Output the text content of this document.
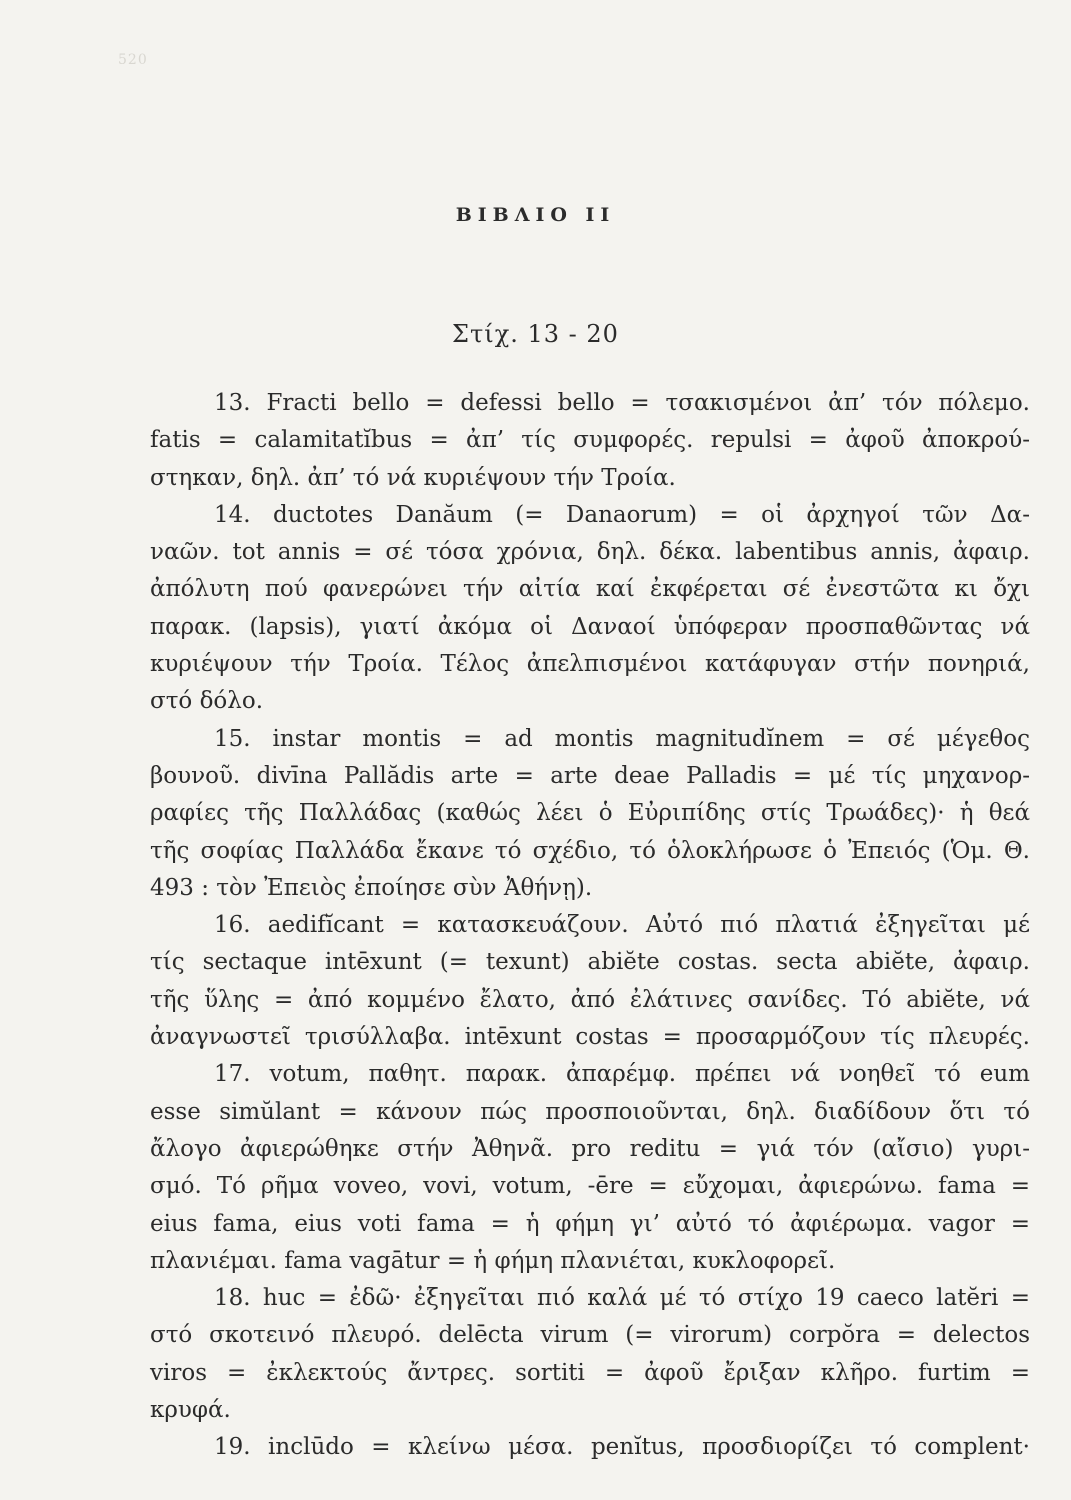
520
ΒΙΒΛΙΟ ΙΙ
Στίχ. 13 - 20
13. Fracti bello = defessi bello = τσακισμένοι ἀπ’ τόν πόλεμο.
fatis = calamitatĭbus = ἀπ’ τίς συμφορές. repulsi = ἀφοῦ ἀποκρού-
στηκαν, δηλ. ἀπ’ τό νά κυριέψουν τήν Τροία.
14. ductotes Danăum (= Danaorum) = οἱ ἀρχηγοί τῶν Δα-
ναῶν. tot annis = σέ τόσα χρόνια, δηλ. δέκα. labentibus annis, ἀφαιρ.
ἀπόλυτη πού φανερώνει τήν αἰτία καί ἐκφέρεται σέ ἐνεστῶτα κι ὄχι
παρακ. (lapsis), γιατί ἀκόμα οἱ Δαναοί ὑπόφεραν προσπαθῶντας νά
κυριέψουν τήν Τροία. Τέλος ἀπελπισμένοι κατάφυγαν στήν πονηριά,
στό δόλο.
15. instar montis = ad montis magnitudĭnem = σέ μέγεθος
βουνοῦ. divīna Pallădis arte = arte deae Palladis = μέ τίς μηχανορ-
ραφίες τῆς Παλλάδας (καθώς λέει ὁ Εὐριπίδης στίς Τρωάδες)· ἡ θεά
τῆς σοφίας Παλλάδα ἔκανε τό σχέδιο, τό ὁλοκλήρωσε ὁ Ἐπειός (Ὁμ. Θ.
493 : τὸν Ἐπειὸς ἐποίησε σὺν Ἀθήνῃ).
16. aedifĭcant = κατασκευάζουν. Αὐτό πιό πλατιά ἐξηγεῖται μέ
τίς sectaque intēxunt (= texunt) abiĕte costas. secta abiĕte, ἀφαιρ.
τῆς ὕλης = ἀπό κομμένο ἔλατο, ἀπό ἐλάτινες σανίδες. Τό abiĕte, νά
ἀναγνωστεῖ τρισύλλαβα. intēxunt costas = προσαρμόζουν τίς πλευρές.
17. votum, παθητ. παρακ. ἀπαρέμφ. πρέπει νά νοηθεῖ τό eum
esse simŭlant = κάνουν πώς προσποιοῦνται, δηλ. διαδίδουν ὅτι τό
ἄλογο ἀφιερώθηκε στήν Ἀθηνᾶ. pro reditu = γιά τόν (αἴσιο) γυρι-
σμό. Τό ρῆμα voveo, vovi, votum, -ēre = εὔχομαι, ἀφιερώνω. fama =
eius fama, eius voti fama = ἡ φήμη γι’ αὐτό τό ἀφιέρωμα. vagor =
πλανιέμαι. fama vagātur = ἡ φήμη πλανιέται, κυκλοφορεῖ.
18. huc = ἐδῶ· ἐξηγεῖται πιό καλά μέ τό στίχο 19 caeco latĕri =
στό σκοτεινό πλευρό. delēcta virum (= virorum) corpŏra = delectos
viros = ἐκλεκτούς ἄντρες. sortiti = ἀφοῦ ἔριξαν κλῆρο. furtim =
κρυφά.
19. inclūdo = κλείνω μέσα. penĭtus, προσδιορίζει τό complent·
